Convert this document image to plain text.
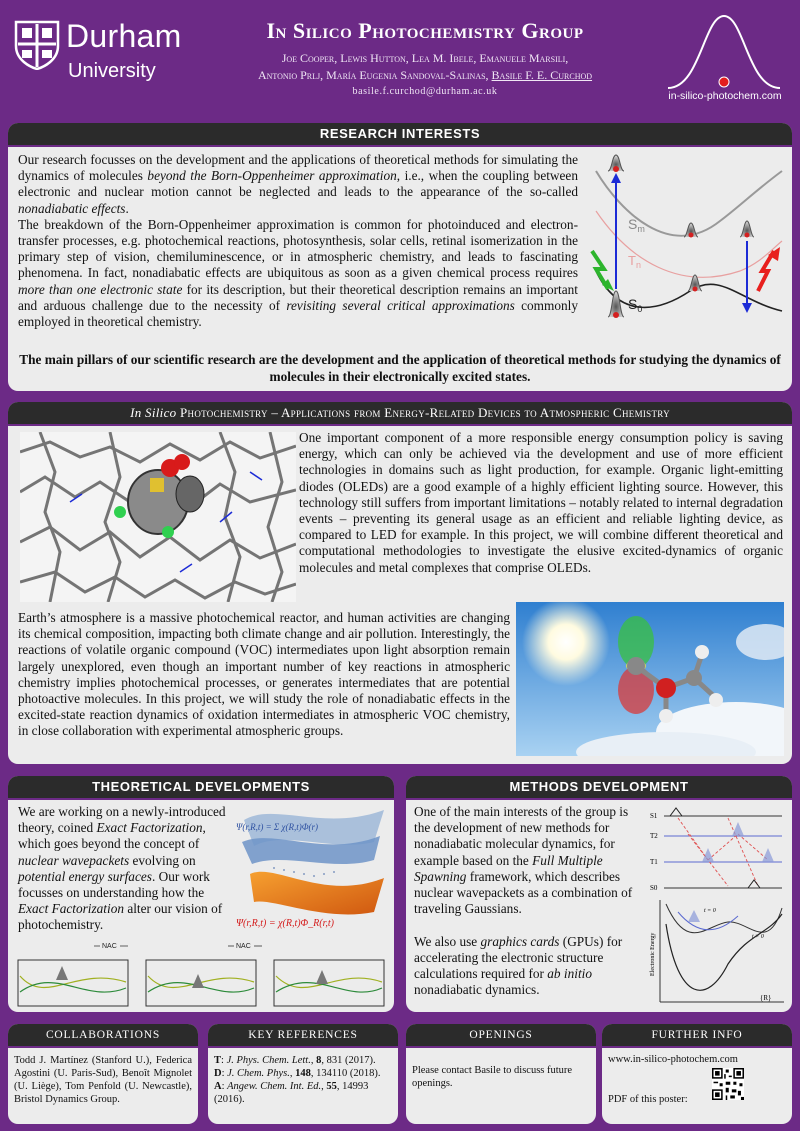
Durham
University
In Silico Photochemistry Group
Joe Cooper, Lewis Hutton, Lea M. Ibele, Emanuele Marsili,
Antonio Prlj, María Eugenia Sandoval-Salinas, Basile F. E. Curchod
basile.f.curchod@durham.ac.uk	in-silico-photochem.com
RESEARCH INTERESTS
Our research focusses on the development and the applications of theoretical methods for simulating the dynamics of molecules beyond the Born-Oppenheimer approximation, i.e., when the coupling between electronic and nuclear motion cannot be neglected and leads to the appearance of the so-called nonadiabatic effects.
The breakdown of the Born-Oppenheimer approximation is common for photoinduced and electron-transfer processes, e.g. photochemical reactions, photosynthesis, solar cells, retinal isomerization in the primary step of vision, chemiluminescence, or in atmospheric chemistry, and leads to fascinating phenomena. In fact, nonadiabatic effects are ubiquitous as soon as a given chemical process requires more than one electronic state for its description, but their theoretical description remains an important and arduous challenge due to the necessity of revisiting several critical approximations commonly employed in theoretical chemistry.
$S_m$
$T_n$
$S_0$
The main pillars of our scientific research are the development and the application of theoretical methods for studying the dynamics of molecules in their electronically excited states.
In Silico Photochemistry – Applications from Energy-Related Devices to Atmospheric Chemistry
One important component of a more responsible energy consumption policy is saving energy, which can only be achieved via the development and use of more efficient technologies in domains such as light production, for example. Organic light-emitting diodes (OLEDs) are a good example of a highly efficient lighting source. However, this technology still suffers from important limitations – notably related to internal degradation events – preventing its general usage as an efficient and reliable lighting device, as compared to LED for example. In this project, we will combine different theoretical and computational methodologies to investigate the elusive excited-dynamics of organic molecules and metal complexes that comprise OLEDs.
Earth’s atmosphere is a massive photochemical reactor, and human activities are changing its chemical composition, impacting both climate change and air pollution. Interestingly, the reactions of volatile organic compound (VOC) intermediates upon light absorption remain largely unexplored, even though an important number of key reactions in atmospheric chemistry implies photochemical processes, or generates intermediates that are potential photoactive molecules. In this project, we will study the role of nonadiabatic effects in the excited-state reaction dynamics of oxidation intermediates in atmospheric VOC chemistry, in close collaboration with experimental atmospheric groups.
THEORETICAL DEVELOPMENTS
We are working on a newly-introduced theory, coined Exact Factorization, which goes beyond the concept of nuclear wavepackets evolving on potential energy surfaces. Our work focusses on understanding how the Exact Factorization alter our vision of photochemistry.
Ψ(r,R,t) = Σ χ(R,t)Φ(r)
Ψ(r,R,t) = χ(R,t)Φ_R(r,t)
NAC	NAC
METHODS DEVELOPMENT
One of the main interests of the group is the development of new methods for nonadiabatic molecular dynamics, for example based on the Full Multiple Spawning framework, which describes nuclear wavepackets as a combination of traveling Gaussians.

We also use graphics cards (GPUs) for accelerating the electronic structure calculations required for ab initio nonadiabatic dynamics.
S1
T2
T1
S0
Electronic Energy
t = 0
t > 0
{R}
COLLABORATIONS
Todd J. Martínez (Stanford U.), Federica Agostini (U. Paris-Sud), Benoît Mignolet (U. Liège), Tom Penfold (U. Newcastle), Bristol Dynamics Group.
KEY REFERENCES
T: J. Phys. Chem. Lett., 8, 831 (2017).
D: J. Chem. Phys., 148, 134110 (2018).
A: Angew. Chem. Int. Ed., 55, 14993 (2016).
OPENINGS
Please contact Basile to discuss future openings.
FURTHER INFO
www.in-silico-photochem.com
PDF of this poster:
